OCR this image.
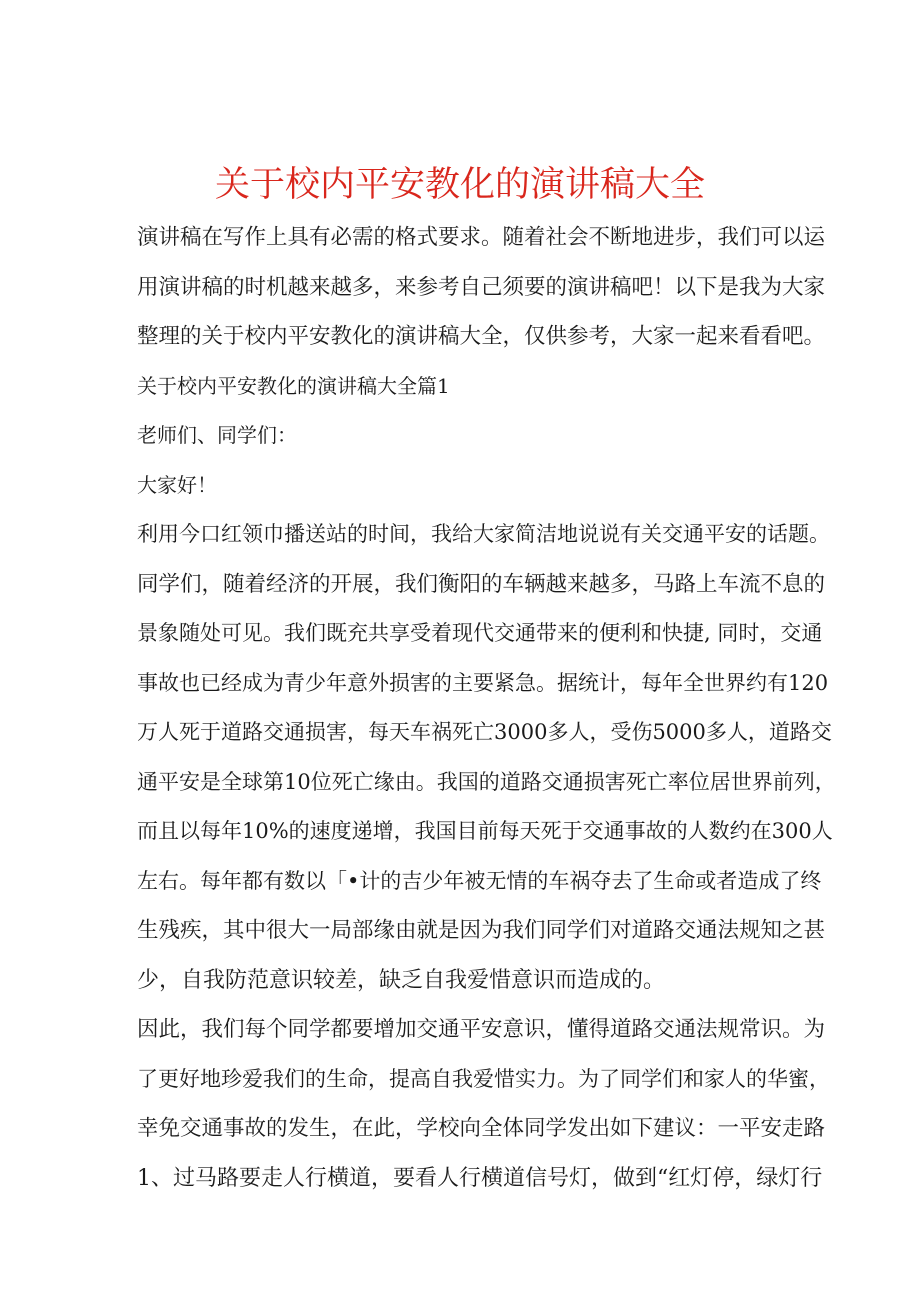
关于校内平安教化的演讲稿大全
演讲稿在写作上具有必需的格式要求。随着社会不断地进步，我们可以运
用演讲稿的时机越来越多，来参考自己须要的演讲稿吧！以下是我为大家
整理的关于校内平安教化的演讲稿大全，仅供参考，大家一起来看看吧。
关于校内平安教化的演讲稿大全篇1
老师们、同学们：
大家好！
利用今口红领巾播送站的时间，我给大家简洁地说说有关交通平安的话题。
同学们，随着经济的开展，我们衡阳的车辆越来越多，马路上车流不息的
景象随处可见。我们既充共享受着现代交通带来的便利和快捷, 同时，交通
事故也已经成为青少年意外损害的主要紧急。据统计，每年全世界约有120
万人死于道路交通损害，每天车祸死亡3000多人，受伤5000多人，道路交
通平安是全球第10位死亡缘由。我国的道路交通损害死亡率位居世界前列，
而且以每年10%的速度递增，我国目前每天死于交通事故的人数约在300人
左右。每年都有数以「•计的吉少年被无情的车祸夺去了生命或者造成了终
生残疾，其中很大一局部缘由就是因为我们同学们对道路交通法规知之甚
少，自我防范意识较差，缺乏自我爱惜意识而造成的。
因此，我们每个同学都要增加交通平安意识，懂得道路交通法规常识。为
了更好地珍爱我们的生命，提高自我爱惜实力。为了同学们和家人的华蜜，
幸免交通事故的发生，在此，学校向全体同学发出如下建议：一平安走路
1、过马路要走人行横道，要看人行横道信号灯，做到“红灯停，绿灯行
